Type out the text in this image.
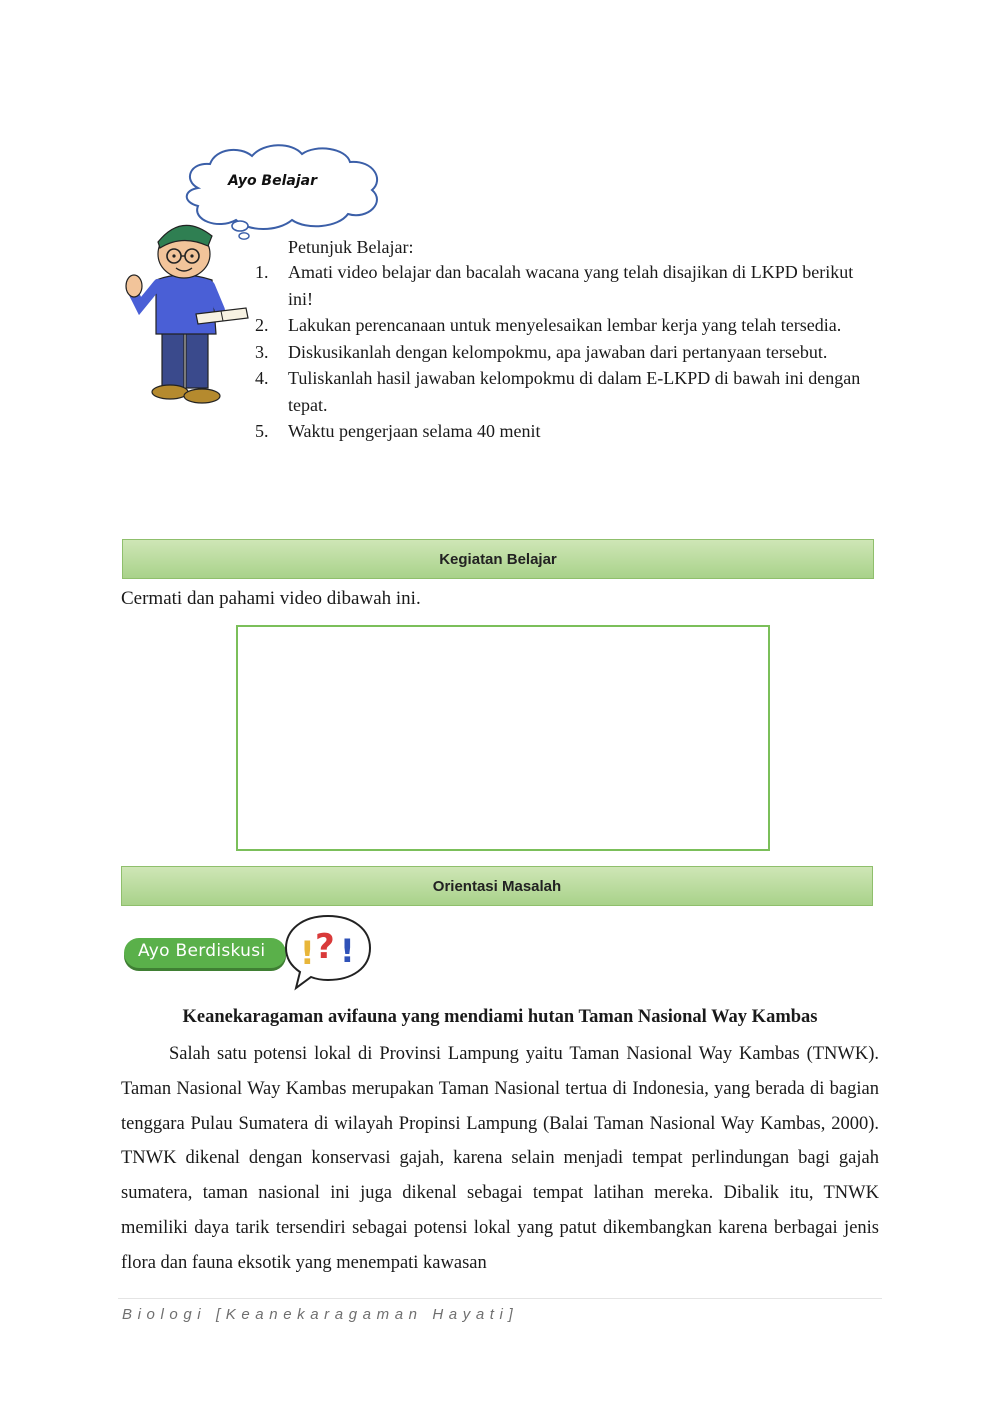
Ayo Belajar
Petunjuk Belajar:
1.	Amati video belajar dan bacalah wacana yang telah disajikan di LKPD berikut ini!
2.	Lakukan perencanaan untuk menyelesaikan lembar kerja yang telah tersedia.
3.	Diskusikanlah dengan kelompokmu, apa jawaban dari pertanyaan tersebut.
4.	Tuliskanlah hasil jawaban kelompokmu di dalam E-LKPD di bawah ini dengan tepat.
5.	Waktu pengerjaan selama 40 menit
Kegiatan Belajar
Cermati dan pahami video dibawah ini.
Orientasi Masalah
Ayo Berdiskusi ! ? !
Keanekaragaman avifauna yang mendiami hutan Taman Nasional Way Kambas

Salah satu potensi lokal di Provinsi Lampung yaitu Taman Nasional Way Kambas (TNWK). Taman Nasional Way Kambas merupakan Taman Nasional tertua di Indonesia, yang berada di bagian tenggara Pulau Sumatera di wilayah Propinsi Lampung (Balai Taman Nasional Way Kambas, 2000). TNWK dikenal dengan konservasi gajah, karena selain menjadi tempat perlindungan bagi gajah sumatera, taman nasional ini juga dikenal sebagai tempat latihan mereka. Dibalik itu, TNWK memiliki daya tarik tersendiri sebagai potensi lokal yang patut dikembangkan karena berbagai jenis flora dan fauna eksotik yang menempati kawasan

Biologi [Keanekaragaman Hayati]
